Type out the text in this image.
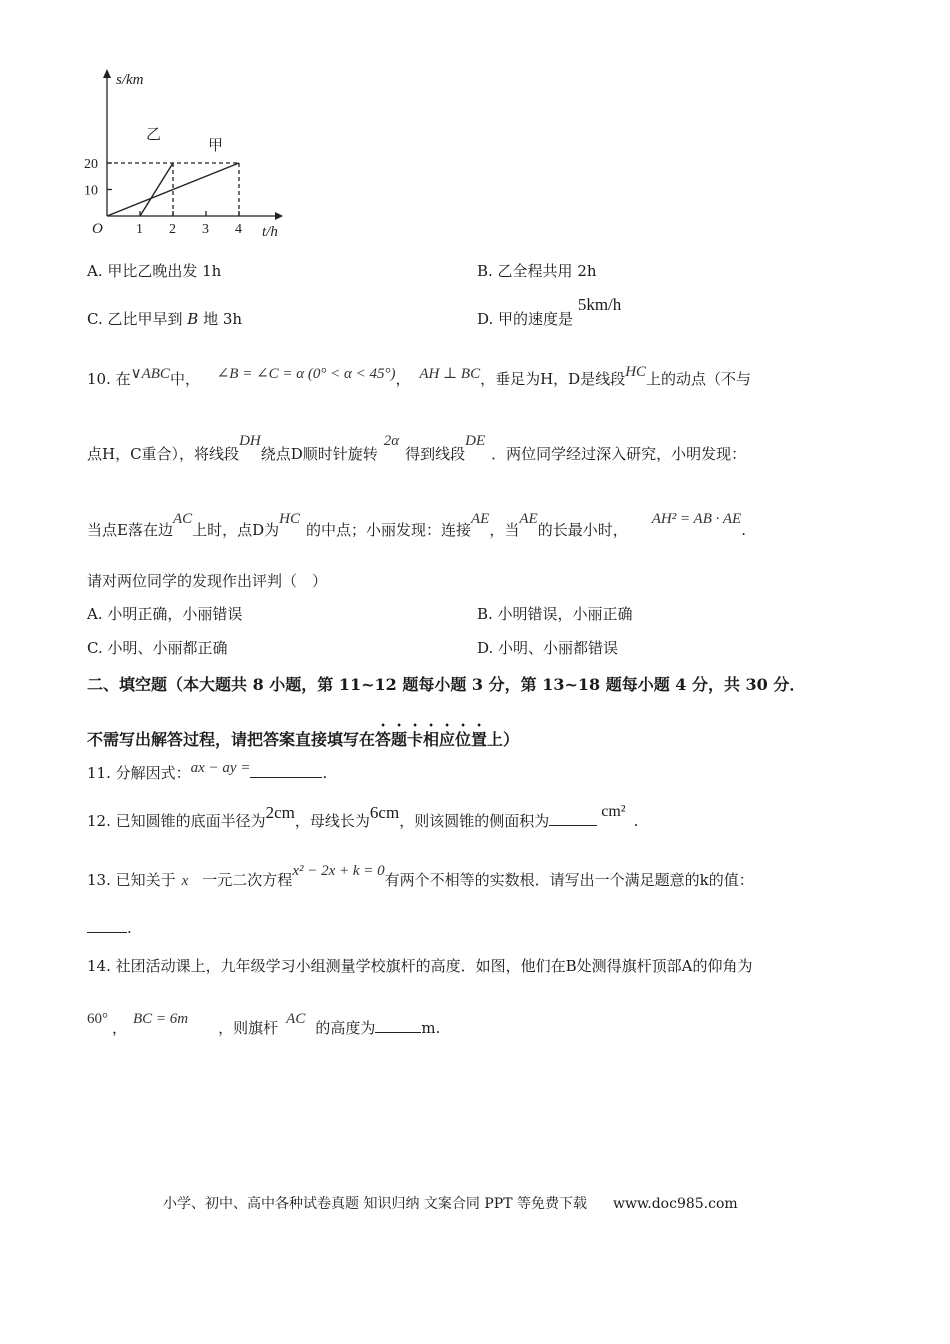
1 2 3 4
10
20
s/km
t/h
O
乙
甲
A. 甲比乙晚出发 1h	B. 乙全程共用 2h
C. 乙比甲早到 B 地 3h	D. 甲的速度是 5km/h
10. 在∨ABC中， ∠B = ∠C = α (0° < α < 45°)， AH ⊥ BC，垂足为H，D是线段HC上的动点（不与
点H，C重合），将线段DH绕点D顺时针旋转2α得到线段DE．两位同学经过深入研究，小明发现：
当点E落在边AC上时，点D为HC的中点；小丽发现：连接AE，当AE的长最小时，AH² = AB · AE.
请对两位同学的发现作出评判（　）
A. 小明正确，小丽错误	B. 小明错误，小丽正确
C. 小明、小丽都正确	D. 小明、小丽都错误
二、填空题（本大题共 8 小题，第 11~12 题每小题 3 分，第 13~18 题每小题 4 分，共 30 分．
不需写出解答过程，请把答案直接填写在答题卡相应位置上）
11. 分解因式：ax − ay =	.
12. 已知圆锥的底面半径为2cm，母线长为6cm，则该圆锥的侧面积为cm².
13. 已知关于 x 一元二次方程x² − 2x + k = 0有两个不相等的实数根．请写出一个满足题意的k的值：
.
14. 社团活动课上，九年级学习小组测量学校旗杆的高度．如图，他们在B处测得旗杆顶部A的仰角为
60° ， BC = 6m ，则旗杆 AC 的高度为	m.
小学、初中、高中各种试卷真题 知识归纳 文案合同 PPT 等免费下载 www.doc985.com
